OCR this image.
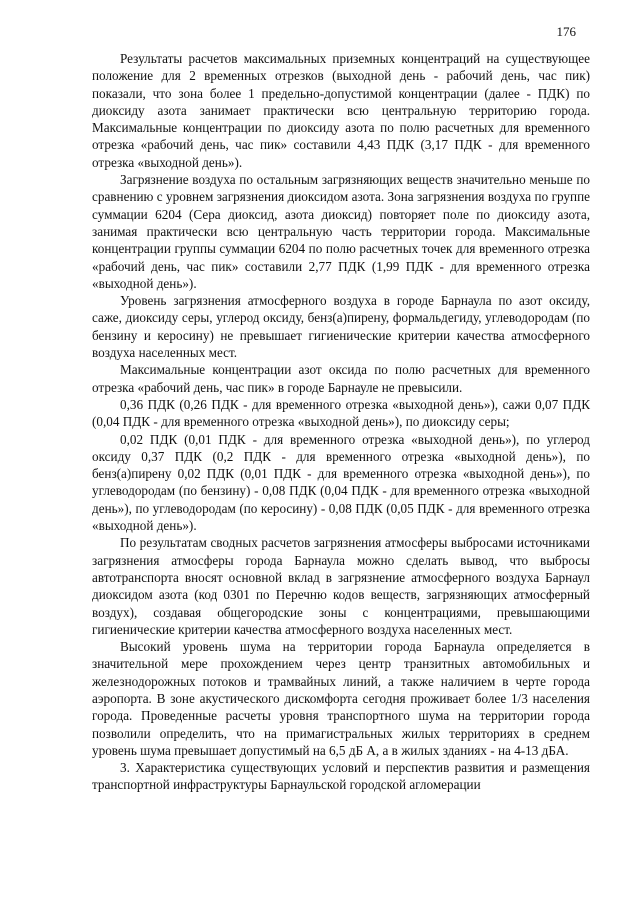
176

Результаты расчетов максимальных приземных концентраций на существующее положение для 2 временных отрезков (выходной день - рабочий день, час пик) показали, что зона более 1 предельно-допустимой концентрации (далее - ПДК) по диоксиду азота занимает практически всю центральную территорию города. Максимальные концентрации по диоксиду азота по полю расчетных для временного отрезка «рабочий день, час пик» составили 4,43 ПДК (3,17 ПДК - для временного отрезка «выходной день»).

Загрязнение воздуха по остальным загрязняющих веществ значительно меньше по сравнению с уровнем загрязнения диоксидом азота. Зона загрязнения воздуха по группе суммации 6204 (Сера диоксид, азота диоксид) повторяет поле по диоксиду азота, занимая практически всю центральную часть территории города. Максимальные концентрации группы суммации 6204 по полю расчетных точек для временного отрезка «рабочий день, час пик» составили 2,77 ПДК (1,99 ПДК - для временного отрезка «выходной день»).

Уровень загрязнения атмосферного воздуха в городе Барнаула по азот оксиду, саже, диоксиду серы, углерод оксиду, бенз(а)пирену, формальдегиду, углеводородам (по бензину и керосину) не превышает гигиенические критерии качества атмосферного воздуха населенных мест.

Максимальные концентрации азот оксида по полю расчетных для временного отрезка «рабочий день, час пик» в городе Барнауле не превысили.

0,36 ПДК (0,26 ПДК - для временного отрезка «выходной день»), сажи 0,07 ПДК (0,04 ПДК - для временного отрезка «выходной день»), по диоксиду серы;

0,02 ПДК (0,01 ПДК - для временного отрезка «выходной день»), по углерод оксиду 0,37 ПДК (0,2 ПДК - для временного отрезка «выходной день»), по бенз(а)пирену 0,02 ПДК (0,01 ПДК - для временного отрезка «выходной день»), по углеводородам (по бензину) - 0,08 ПДК (0,04 ПДК - для временного отрезка «выходной день»), по углеводородам (по керосину) - 0,08 ПДК (0,05 ПДК - для временного отрезка «выходной день»).

По результатам сводных расчетов загрязнения атмосферы выбросами источниками загрязнения атмосферы города Барнаула можно сделать вывод, что выбросы автотранспорта вносят основной вклад в загрязнение атмосферного воздуха Барнаул диоксидом азота (код 0301 по Перечню кодов веществ, загрязняющих атмосферный воздух), создавая общегородские зоны с концентрациями, превышающими гигиенические критерии качества атмосферного воздуха населенных мест.

Высокий уровень шума на территории города Барнаула определяется в значительной мере прохождением через центр транзитных автомобильных и железнодорожных потоков и трамвайных линий, а также наличием в черте города аэропорта. В зоне акустического дискомфорта сегодня проживает более 1/3 населения города. Проведенные расчеты уровня транспортного шума на территории города позволили определить, что на примагистральных жилых территориях в среднем уровень шума превышает допустимый на 6,5 дБ А, а в жилых зданиях - на 4-13 дБА.

3. Характеристика существующих условий и перспектив развития и размещения транспортной инфраструктуры Барнаульской городской агломерации
